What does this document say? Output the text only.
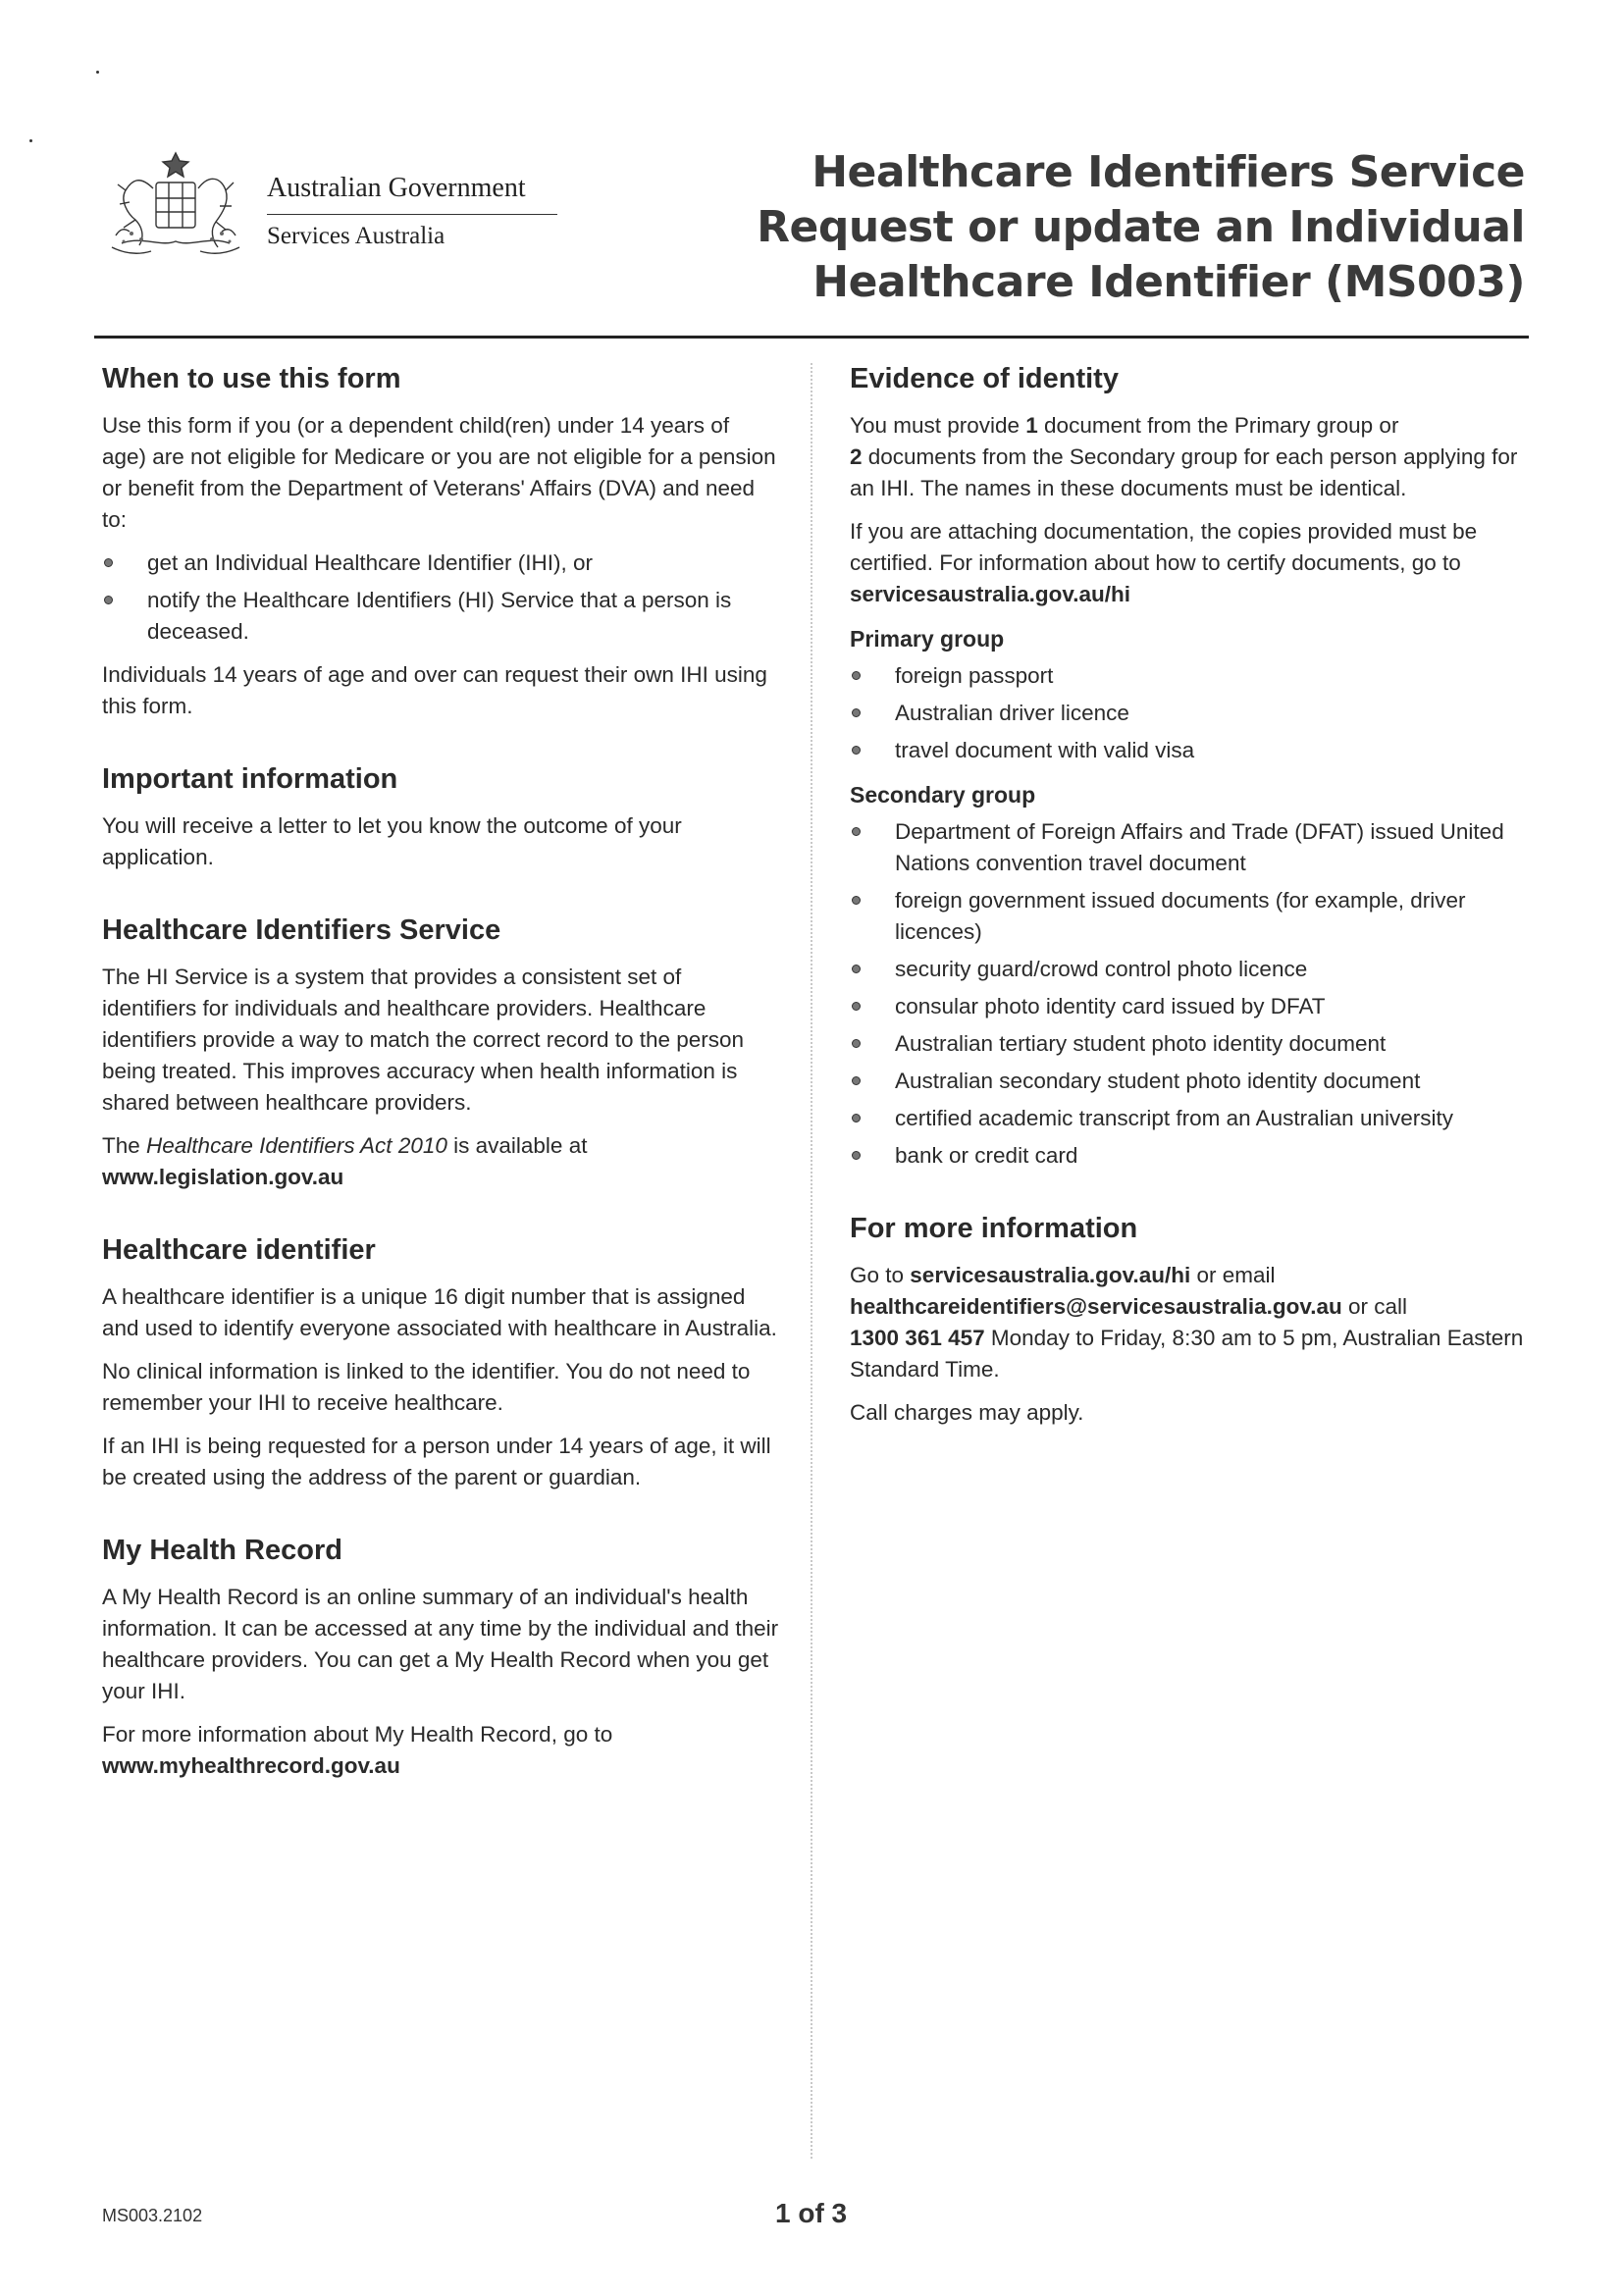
Australian Government
Services Australia
Healthcare Identifiers Service
Request or update an Individual
Healthcare Identifier (MS003)
When to use this form

Use this form if you (or a dependent child(ren) under 14 years of age) are not eligible for Medicare or you are not eligible for a pension or benefit from the Department of Veterans' Affairs (DVA) and need to:

get an Individual Healthcare Identifier (IHI), or
notify the Healthcare Identifiers (HI) Service that a person is deceased.

Individuals 14 years of age and over can request their own IHI using this form.

Important information

You will receive a letter to let you know the outcome of your application.

Healthcare Identifiers Service

The HI Service is a system that provides a consistent set of identifiers for individuals and healthcare providers. Healthcare identifiers provide a way to match the correct record to the person being treated. This improves accuracy when health information is shared between healthcare providers.

The Healthcare Identifiers Act 2010 is available at
www.legislation.gov.au

Healthcare identifier

A healthcare identifier is a unique 16 digit number that is assigned and used to identify everyone associated with healthcare in Australia.

No clinical information is linked to the identifier. You do not need to remember your IHI to receive healthcare.

If an IHI is being requested for a person under 14 years of age, it will be created using the address of the parent or guardian.

My Health Record

A My Health Record is an online summary of an individual's health information. It can be accessed at any time by the individual and their healthcare providers. You can get a My Health Record when you get your IHI.

For more information about My Health Record, go to
www.myhealthrecord.gov.au

Evidence of identity

You must provide 1 document from the Primary group or
2 documents from the Secondary group for each person applying for an IHI. The names in these documents must be identical.

If you are attaching documentation, the copies provided must be certified. For information about how to certify documents, go to
servicesaustralia.gov.au/hi

Primary group
foreign passport
Australian driver licence
travel document with valid visa
Secondary group
Department of Foreign Affairs and Trade (DFAT) issued United Nations convention travel document
foreign government issued documents (for example, driver licences)
security guard/crowd control photo licence
consular photo identity card issued by DFAT
Australian tertiary student photo identity document
Australian secondary student photo identity document
certified academic transcript from an Australian university
bank or credit card
For more information

Go to servicesaustralia.gov.au/hi or email
healthcareidentifiers@servicesaustralia.gov.au or call
1300 361 457 Monday to Friday, 8:30 am to 5 pm, Australian Eastern Standard Time.

Call charges may apply.

MS003.2102	1 of 3
